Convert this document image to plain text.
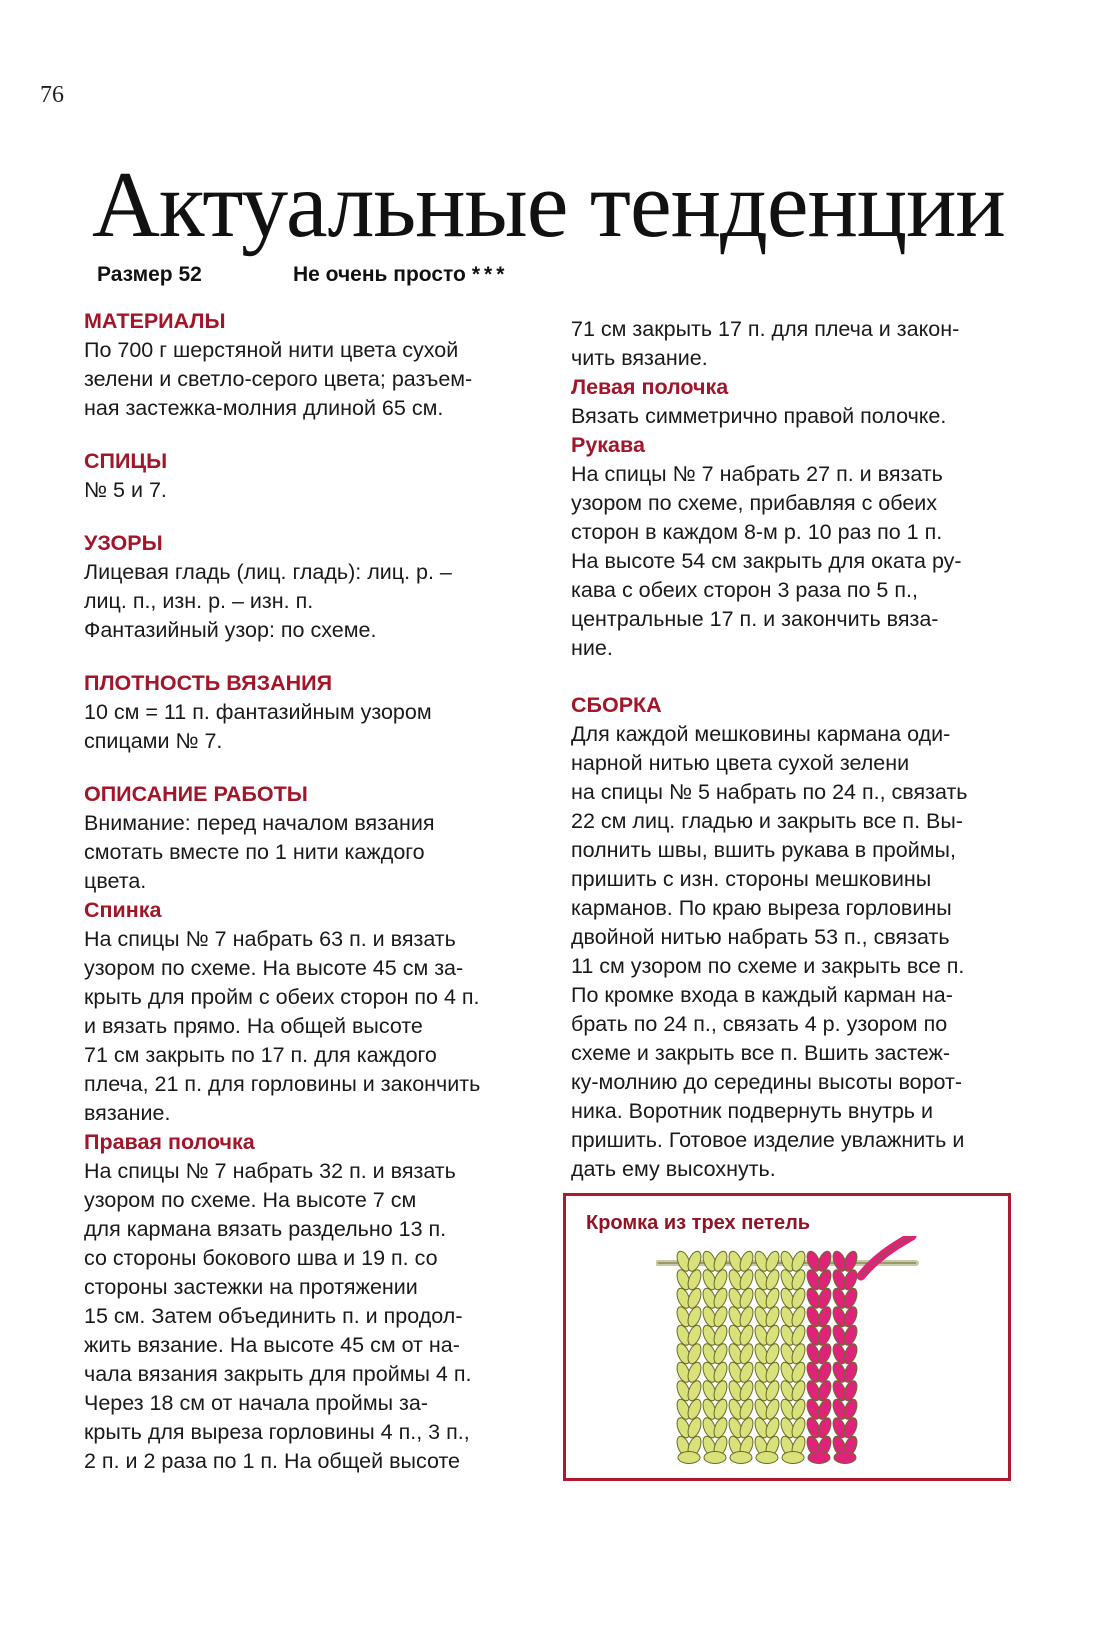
76
Актуальные тенденции
Размер 52	Не очень просто ***
МАТЕРИАЛЫ
По 700 г шерстяной нити цвета сухой
зелени и светло-серого цвета; разъем-
ная застежка-молния длиной 65 см.
СПИЦЫ
№ 5 и 7.
УЗОРЫ
Лицевая гладь (лиц. гладь): лиц. р. –
лиц. п., изн. р. – изн. п.
Фантазийный узор: по схеме.
ПЛОТНОСТЬ ВЯЗАНИЯ
10 см = 11 п. фантазийным узором
спицами № 7.
ОПИСАНИЕ РАБОТЫ
Внимание: перед началом вязания
смотать вместе по 1 нити каждого
цвета.
Спинка
На спицы № 7 набрать 63 п. и вязать
узором по схеме. На высоте 45 см за-
крыть для пройм с обеих сторон по 4 п.
и вязать прямо. На общей высоте
71 см закрыть по 17 п. для каждого
плеча, 21 п. для горловины и закончить
вязание.
Правая полочка
На спицы № 7 набрать 32 п. и вязать
узором по схеме. На высоте 7 см
для кармана вязать раздельно 13 п.
со стороны бокового шва и 19 п. со
стороны застежки на протяжении
15 см. Затем объединить п. и продол-
жить вязание. На высоте 45 см от на-
чала вязания закрыть для проймы 4 п.
Через 18 см от начала проймы за-
крыть для выреза горловины 4 п., 3 п.,
2 п. и 2 раза по 1 п. На общей высоте
71 см закрыть 17 п. для плеча и закон-
чить вязание.
Левая полочка
Вязать симметрично правой полочке.
Рукава
На спицы № 7 набрать 27 п. и вязать
узором по схеме, прибавляя с обеих
сторон в каждом 8-м р. 10 раз по 1 п.
На высоте 54 см закрыть для оката ру-
кава с обеих сторон 3 раза по 5 п.,
центральные 17 п. и закончить вяза-
ние.
СБОРКА
Для каждой мешковины кармана оди-
нарной нитью цвета сухой зелени
на спицы № 5 набрать по 24 п., связать
22 см лиц. гладью и закрыть все п. Вы-
полнить швы, вшить рукава в проймы,
пришить с изн. стороны мешковины
карманов. По краю выреза горловины
двойной нитью набрать 53 п., связать
11 см узором по схеме и закрыть все п.
По кромке входа в каждый карман на-
брать по 24 п., связать 4 р. узором по
схеме и закрыть все п. Вшить застеж-
ку-молнию до середины высоты ворот-
ника. Воротник подвернуть внутрь и
пришить. Готовое изделие увлажнить и
дать ему высохнуть.
Кромка из трех петель
